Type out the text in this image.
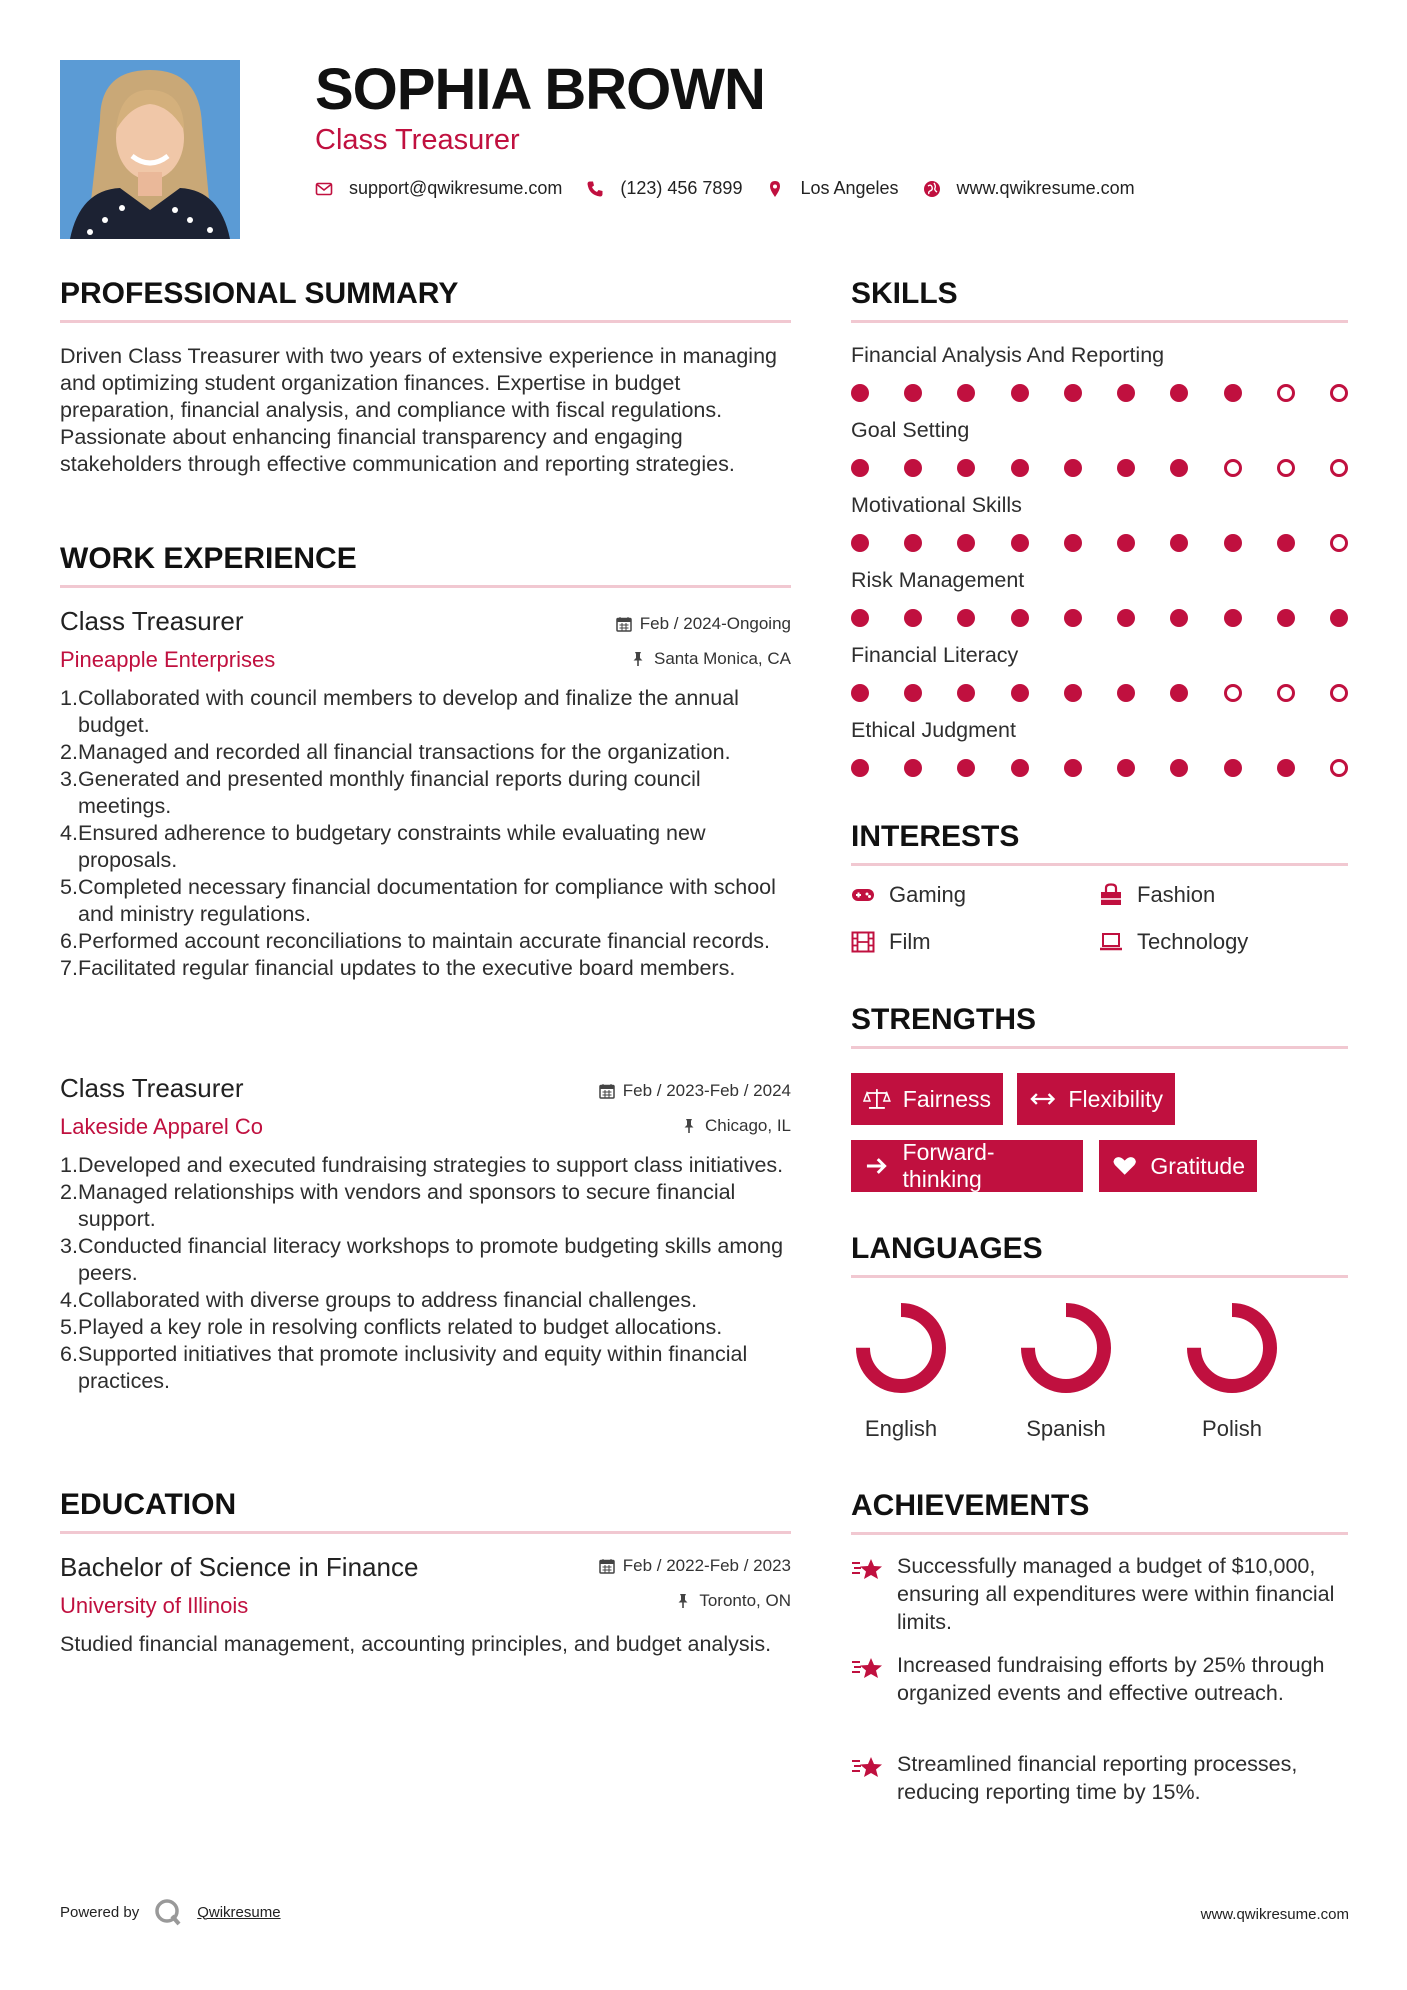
SOPHIA BROWN
Class Treasurer
support@qwikresume.com	(123) 456 7899	Los Angeles	www.qwikresume.com
PROFESSIONAL SUMMARY
Driven Class Treasurer with two years of extensive experience in managing and optimizing student organization finances. Expertise in budget preparation, financial analysis, and compliance with fiscal regulations. Passionate about enhancing financial transparency and engaging stakeholders through effective communication and reporting strategies.
WORK EXPERIENCE
Class Treasurer
Pineapple Enterprises
Feb / 2024-Ongoing
Santa Monica, CA
1. Collaborated with council members to develop and finalize the annual budget.
2. Managed and recorded all financial transactions for the organization.
3. Generated and presented monthly financial reports during council meetings.
4. Ensured adherence to budgetary constraints while evaluating new proposals.
5. Completed necessary financial documentation for compliance with school and ministry regulations.
6. Performed account reconciliations to maintain accurate financial records.
7. Facilitated regular financial updates to the executive board members.
Class Treasurer
Lakeside Apparel Co
Feb / 2023-Feb / 2024
Chicago, IL
1. Developed and executed fundraising strategies to support class initiatives.
2. Managed relationships with vendors and sponsors to secure financial support.
3. Conducted financial literacy workshops to promote budgeting skills among peers.
4. Collaborated with diverse groups to address financial challenges.
5. Played a key role in resolving conflicts related to budget allocations.
6. Supported initiatives that promote inclusivity and equity within financial practices.
EDUCATION
Bachelor of Science in Finance
University of Illinois
Feb / 2022-Feb / 2023
Toronto, ON
Studied financial management, accounting principles, and budget analysis.
SKILLS
Financial Analysis And Reporting
Goal Setting
Motivational Skills
Risk Management
Financial Literacy
Ethical Judgment
INTERESTS
Gaming	Fashion
Film	Technology
STRENGTHS
Fairness	Flexibility
Forward-thinking
Gratitude
LANGUAGES
English	Spanish	Polish
ACHIEVEMENTS
Successfully managed a budget of $10,000, ensuring all expenditures were within financial limits.
Increased fundraising efforts by 25% through organized events and effective outreach.
Streamlined financial reporting processes, reducing reporting time by 15%.
Powered by	Qwikresume	www.qwikresume.com
